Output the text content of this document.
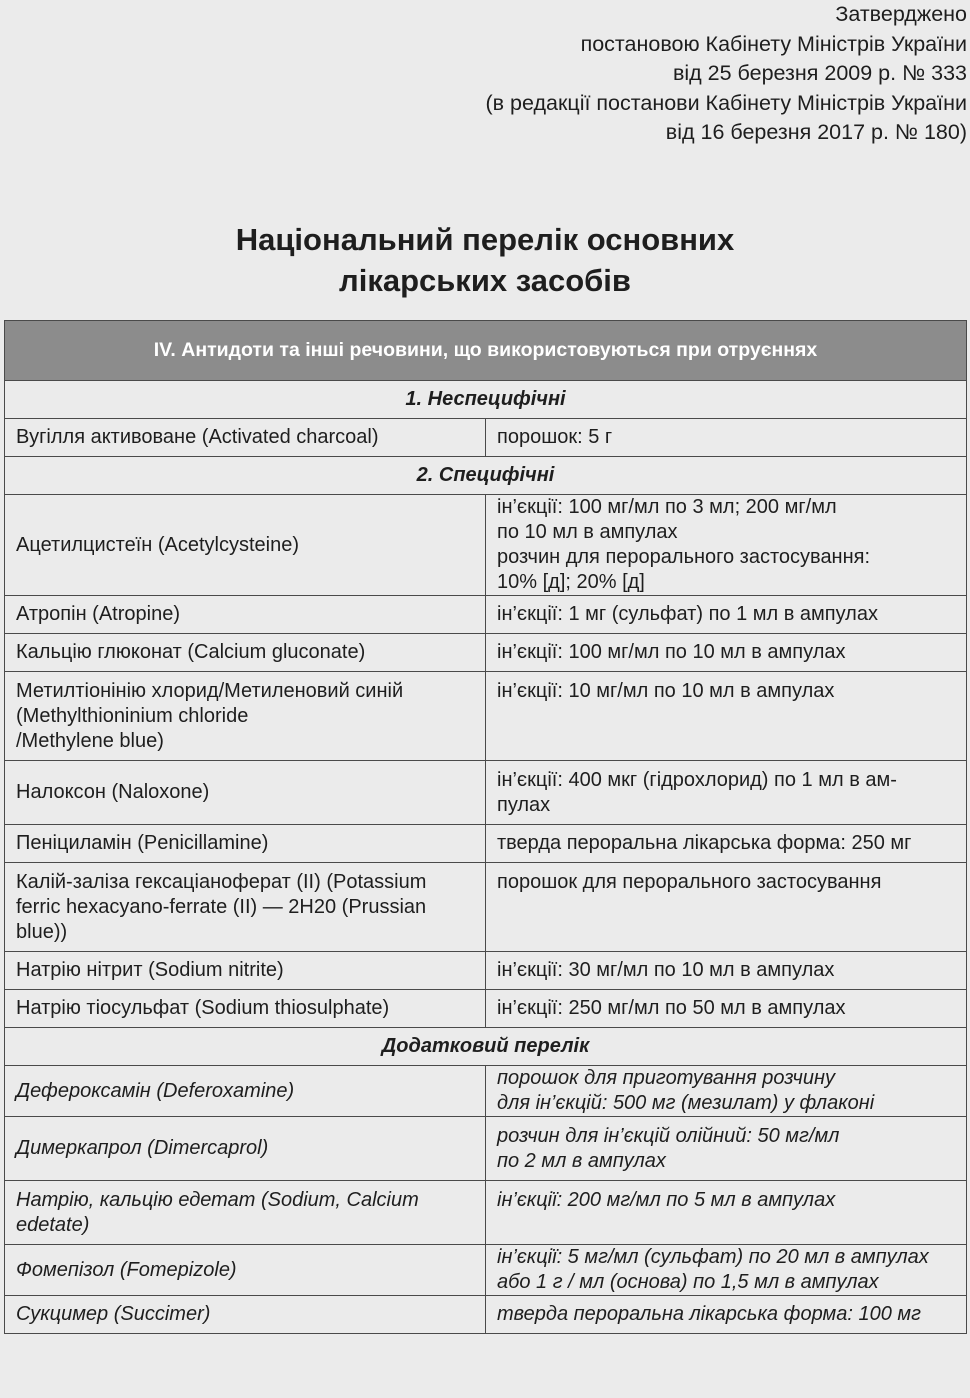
Затверджено
постановою Кабінету Міністрів України
від 25 березня 2009 р. № 333
(в редакції постанови Кабінету Міністрів України
від 16 березня 2017 р. № 180)
Національний перелік основних
лікарських засобів
IV. Антидоти та інші речовини, що використовуються при отруєннях	
1. Неспецифічні	

Вугілля активоване (Activated charcoal)	порошок: 5 г

2. Специфічні	

Ацетилцистеїн (Acetylcysteine)	ін’єкції: 100 мг/мл по 3 мл; 200 мг/мл
по 10 мл в ампулах
розчин для перорального застосування:
10% [д]; 20% [д]

Атропін (Atropine)	ін’єкції: 1 мг (сульфат) по 1 мл в ампулах

Кальцію глюконат (Calcium gluconate)	ін’єкції: 100 мг/мл по 10 мл в ампулах

Метилтіонінію хлорид/Метиленовий синій
(Methylthioninium chloride
/Methylene blue)	ін’єкції: 10 мг/мл по 10 мл в ампулах

Налоксон (Naloxone)	ін’єкції: 400 мкг (гідрохлорид) по 1 мл в ам-
пулах

Пеніциламін (Penicillamine)	тверда пероральна лікарська форма: 250 мг

Калій-заліза гексаціаноферат (II) (Potassium
ferric hexacyano-ferrate (II) — 2H20 (Prussian
blue))	порошок для перорального застосування

Натрію нітрит (Sodium nitrite)	ін’єкції: 30 мг/мл по 10 мл в ампулах

Натрію тіосульфат (Sodium thiosulphate)	ін’єкції: 250 мг/мл по 50 мл в ампулах

Додатковий перелік	

Дефероксамін (Deferoxamine)	порошок для приготування розчину
для ін’єкцій: 500 мг (мезилат) у флаконі

Димеркапрол (Dimercaprol)	розчин для ін’єкцій олійний: 50 мг/мл
по 2 мл в ампулах

Натрію, кальцію едетат (Sodium, Calcium
edetate)	ін’єкції: 200 мг/мл по 5 мл в ампулах

Фомепізол (Fomepizole)	ін’єкції: 5 мг/мл (сульфат) по 20 мл в ампулах
або 1 г / мл (основа) по 1,5 мл в ампулах

Сукцимер (Succimer)	тверда пероральна лікарська форма: 100 мг
